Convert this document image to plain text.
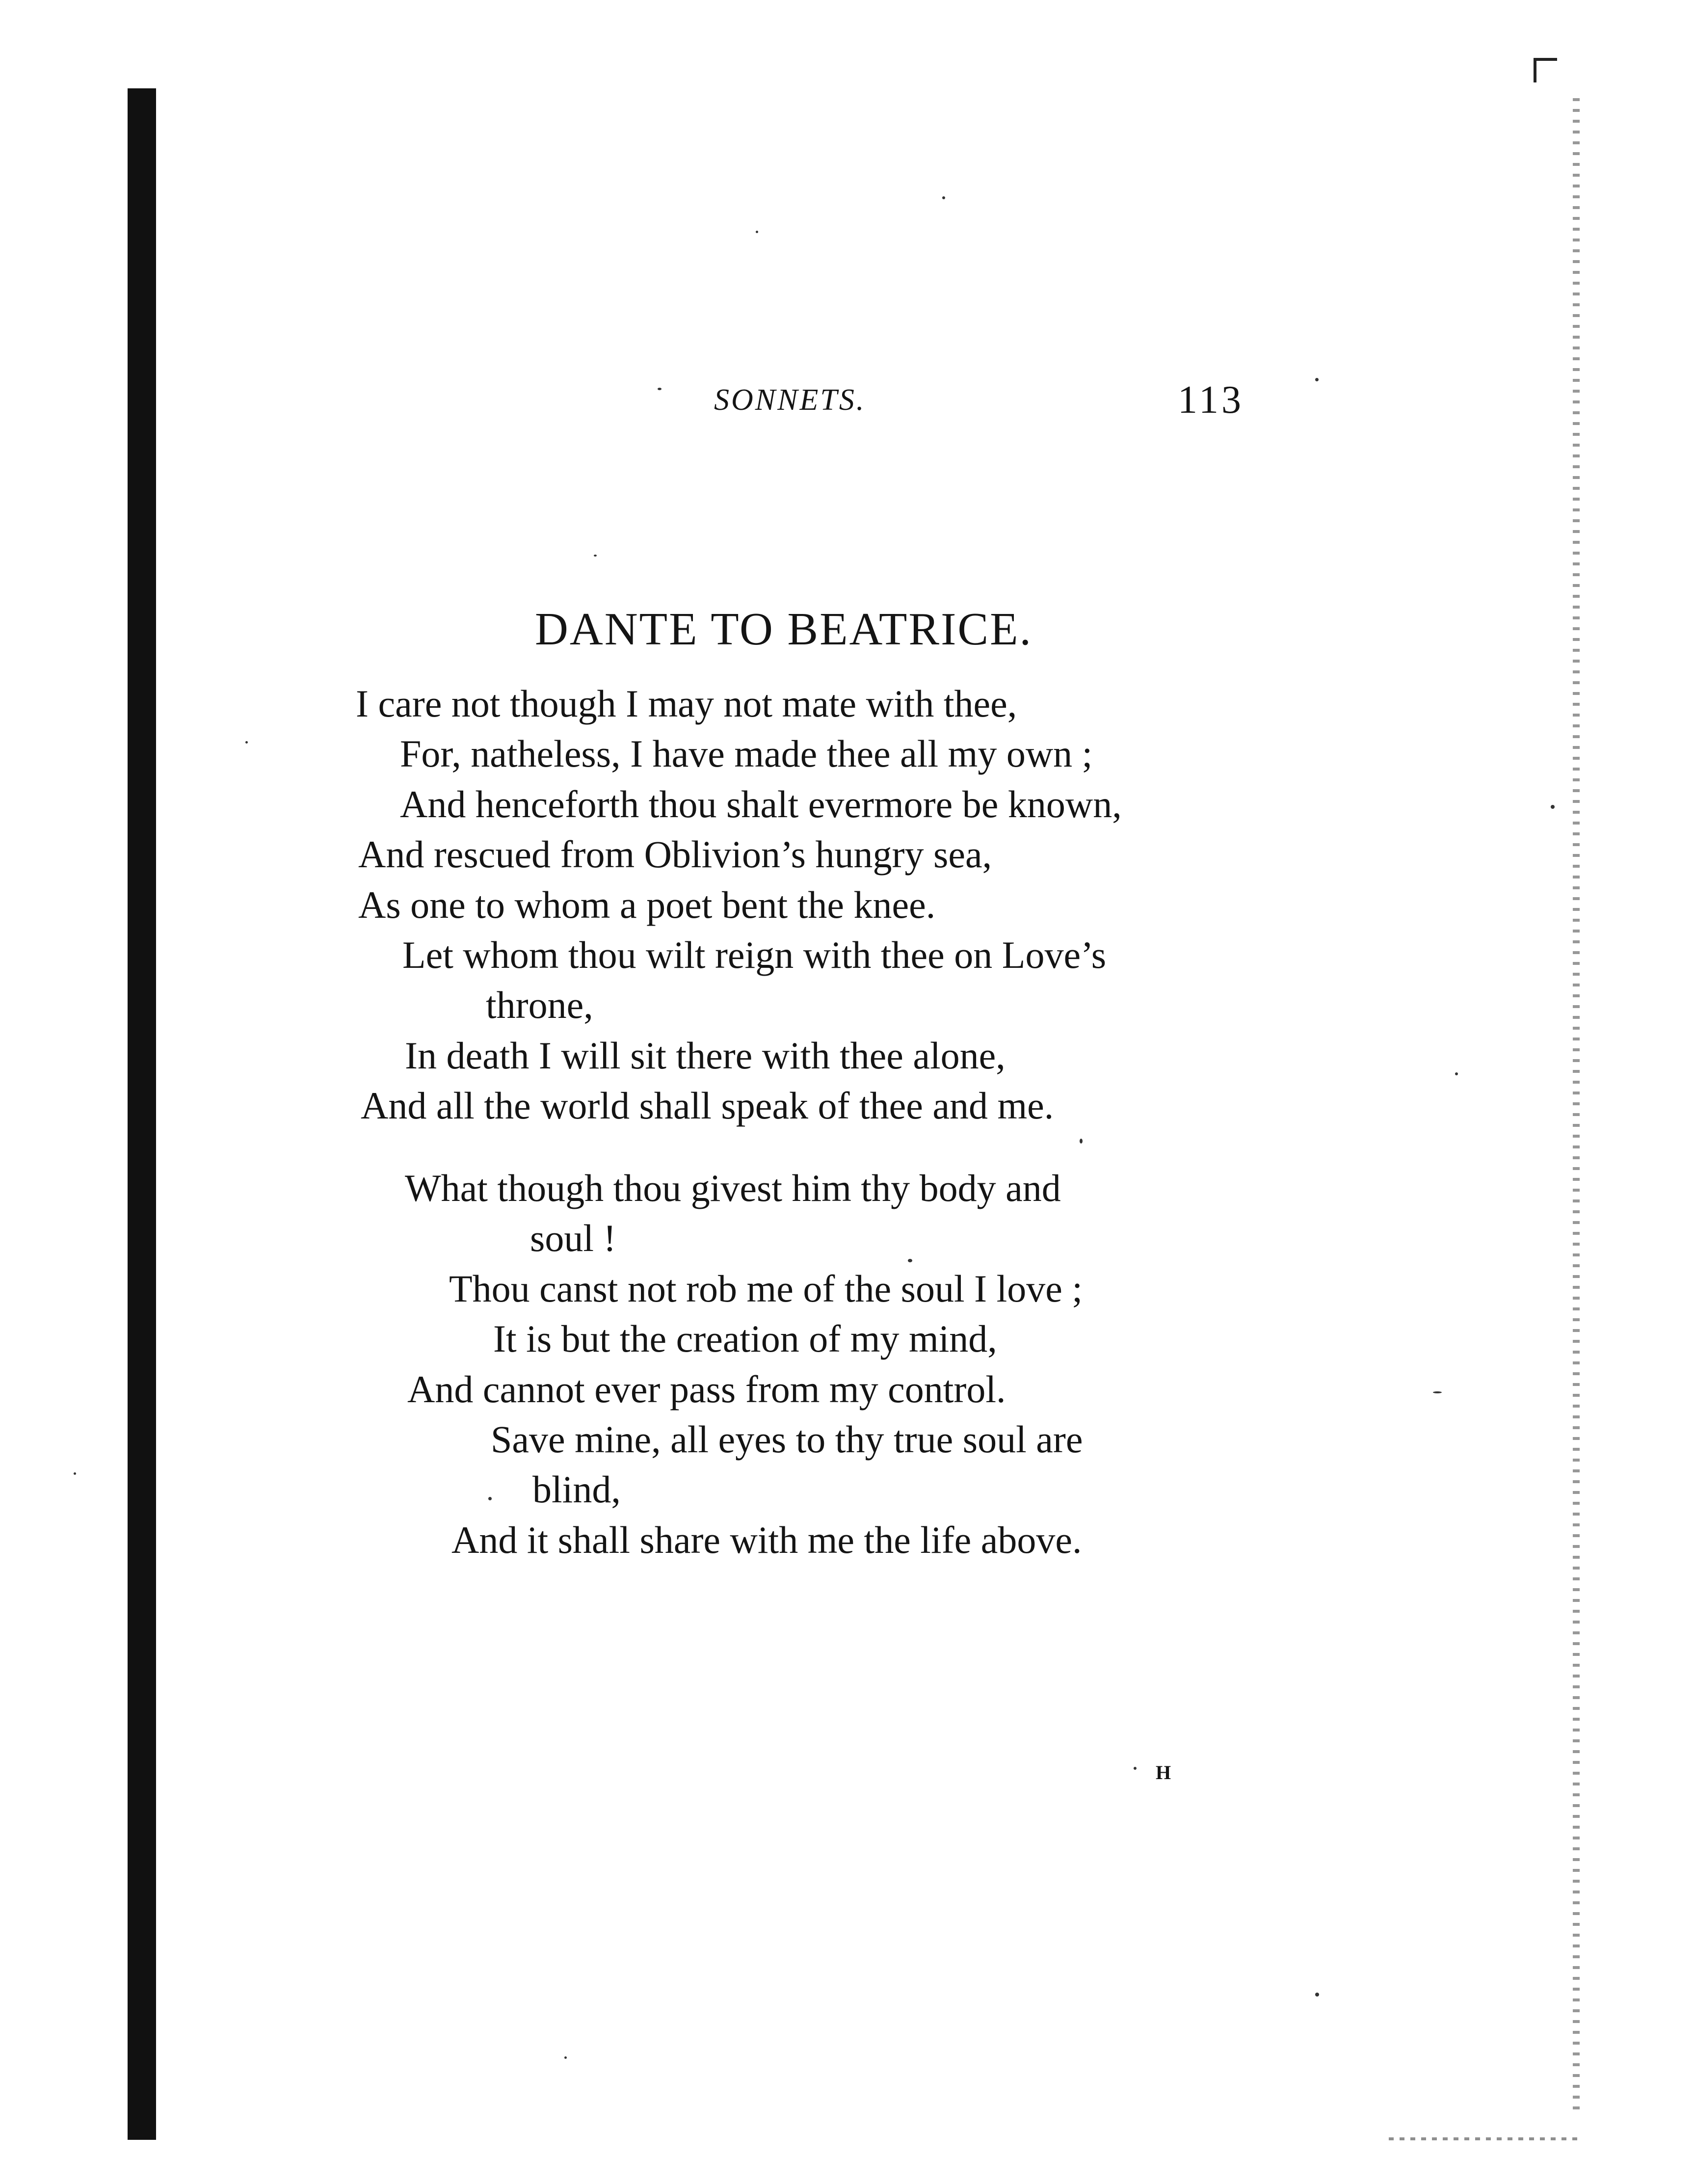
SONNETS.	113
DANTE TO BEATRICE.
I care not though I may not mate with thee,
For, natheless, I have made thee all my own ;
And henceforth thou shalt evermore be known,
And rescued from Oblivion’s hungry sea,
As one to whom a poet bent the knee.
Let whom thou wilt reign with thee on Love’s
throne,
In death I will sit there with thee alone,
And all the world shall speak of thee and me.
What though thou givest him thy body and
soul !
Thou canst not rob me of the soul I love ;
It is but the creation of my mind,
And cannot ever pass from my control.
Save mine, all eyes to thy true soul are
blind,
And it shall share with me the life above.
H
